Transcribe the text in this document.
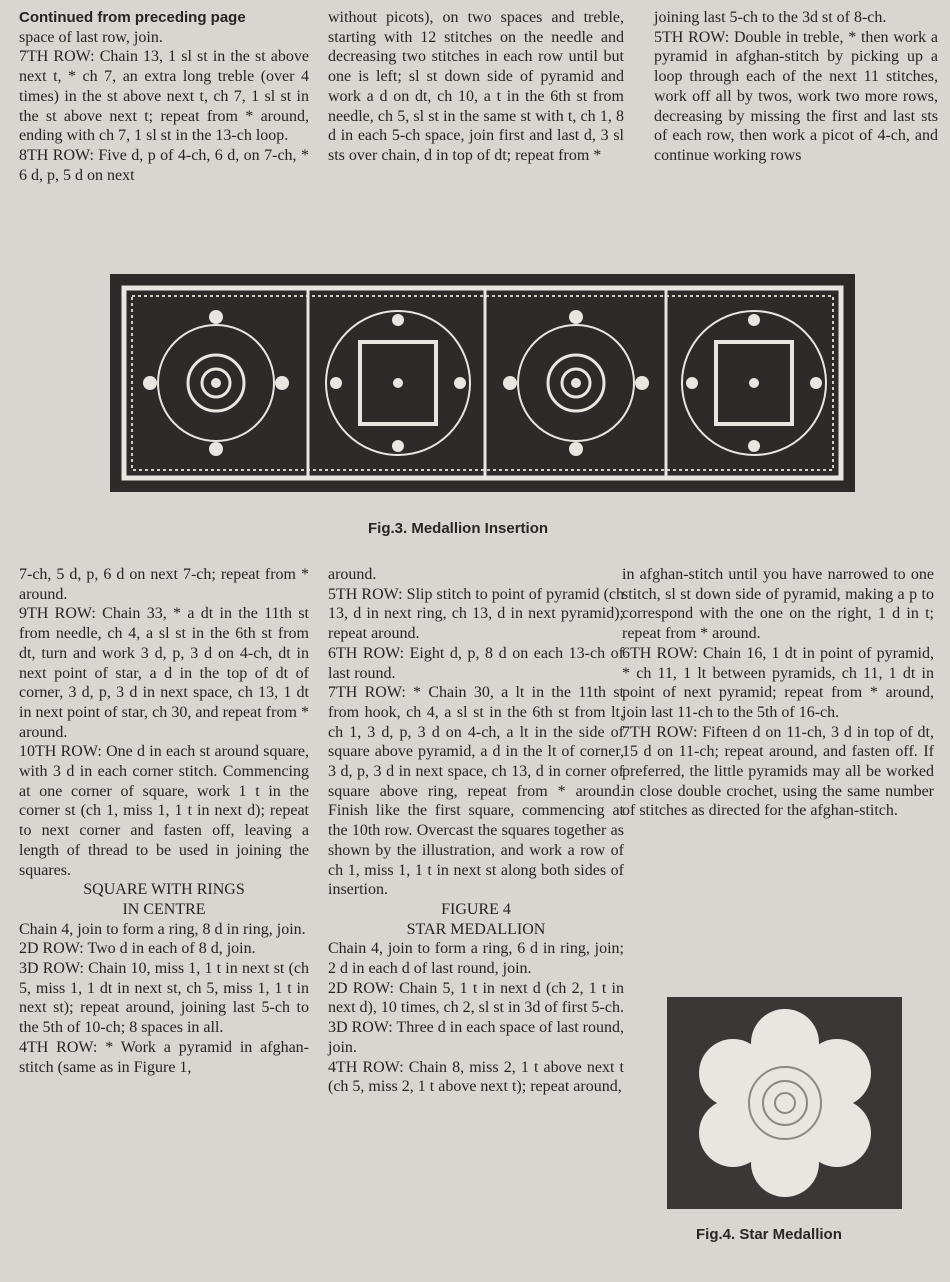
Continued from preceding page

space of last row, join.

7TH ROW: Chain 13, 1 sl st in the st above next t, * ch 7, an extra long treble (over 4 times) in the st above next t, ch 7, 1 sl st in the st above next t; repeat from * around, ending with ch 7, 1 sl st in the 13-ch loop.

8TH ROW: Five d, p of 4-ch, 6 d, on 7-ch, * 6 d, p, 5 d on next

without picots), on two spaces and treble, starting with 12 stitches on the needle and decreasing two stitches in each row until but one is left; sl st down side of pyramid and work a d on dt, ch 10, a t in the 6th st from needle, ch 5, sl st in the same st with t, ch 1, 8 d in each 5-ch space, join first and last d, 3 sl sts over chain, d in top of dt; repeat from *

joining last 5-ch to the 3d st of 8-ch.

5TH ROW: Double in treble, * then work a pyramid in afghan-stitch by picking up a loop through each of the next 11 stitches, work off all by twos, work two more rows, decreasing by missing the first and last sts of each row, then work a picot of 4-ch, and continue working rows

Fig.3. Medallion Insertion

7-ch, 5 d, p, 6 d on next 7-ch; repeat from * around.

9TH ROW: Chain 33, * a dt in the 11th st from needle, ch 4, a sl st in the 6th st from dt, turn and work 3 d, p, 3 d on 4-ch, dt in next point of star, a d in the top of dt of corner, 3 d, p, 3 d in next space, ch 13, 1 dt in next point of star, ch 30, and repeat from * around.

10TH ROW: One d in each st around square, with 3 d in each corner stitch. Commencing at one corner of square, work 1 t in the corner st (ch 1, miss 1, 1 t in next d); repeat to next corner and fasten off, leaving a length of thread to be used in joining the squares.

SQUARE WITH RINGS

IN CENTRE

Chain 4, join to form a ring, 8 d in ring, join.

2D ROW: Two d in each of 8 d, join.

3D ROW: Chain 10, miss 1, 1 t in next st (ch 5, miss 1, 1 dt in next st, ch 5, miss 1, 1 t in next st); repeat around, joining last 5-ch to the 5th of 10-ch; 8 spaces in all.

4TH ROW: * Work a pyramid in afghan-stitch (same as in Figure 1,

around.

5TH ROW: Slip stitch to point of pyramid (ch 13, d in next ring, ch 13, d in next pyramid); repeat around.

6TH ROW: Eight d, p, 8 d on each 13-ch of last round.

7TH ROW: * Chain 30, a lt in the 11th st from hook, ch 4, a sl st in the 6th st from lt, ch 1, 3 d, p, 3 d on 4-ch, a lt in the side of square above pyramid, a d in the lt of corner, 3 d, p, 3 d in next space, ch 13, d in corner of square above ring, repeat from * around. Finish like the first square, commencing at the 10th row. Overcast the squares together as shown by the illustration, and work a row of ch 1, miss 1, 1 t in next st along both sides of insertion.

FIGURE 4

STAR MEDALLION

Chain 4, join to form a ring, 6 d in ring, join; 2 d in each d of last round, join.

2D ROW: Chain 5, 1 t in next d (ch 2, 1 t in next d), 10 times, ch 2, sl st in 3d of first 5-ch.

3D ROW: Three d in each space of last round, join.

4TH ROW: Chain 8, miss 2, 1 t above next t (ch 5, miss 2, 1 t above next t); repeat around,

in afghan-stitch until you have narrowed to one stitch, sl st down side of pyramid, making a p to correspond with the one on the right, 1 d in t; repeat from * around.

6TH ROW: Chain 16, 1 dt in point of pyramid, * ch 11, 1 lt between pyramids, ch 11, 1 dt in point of next pyramid; repeat from * around, join last 11-ch to the 5th of 16-ch.

7TH ROW: Fifteen d on 11-ch, 3 d in top of dt, 15 d on 11-ch; repeat around, and fasten off. If preferred, the little pyramids may all be worked in close double crochet, using the same number of stitches as directed for the afghan-stitch.

Fig.4. Star Medallion
